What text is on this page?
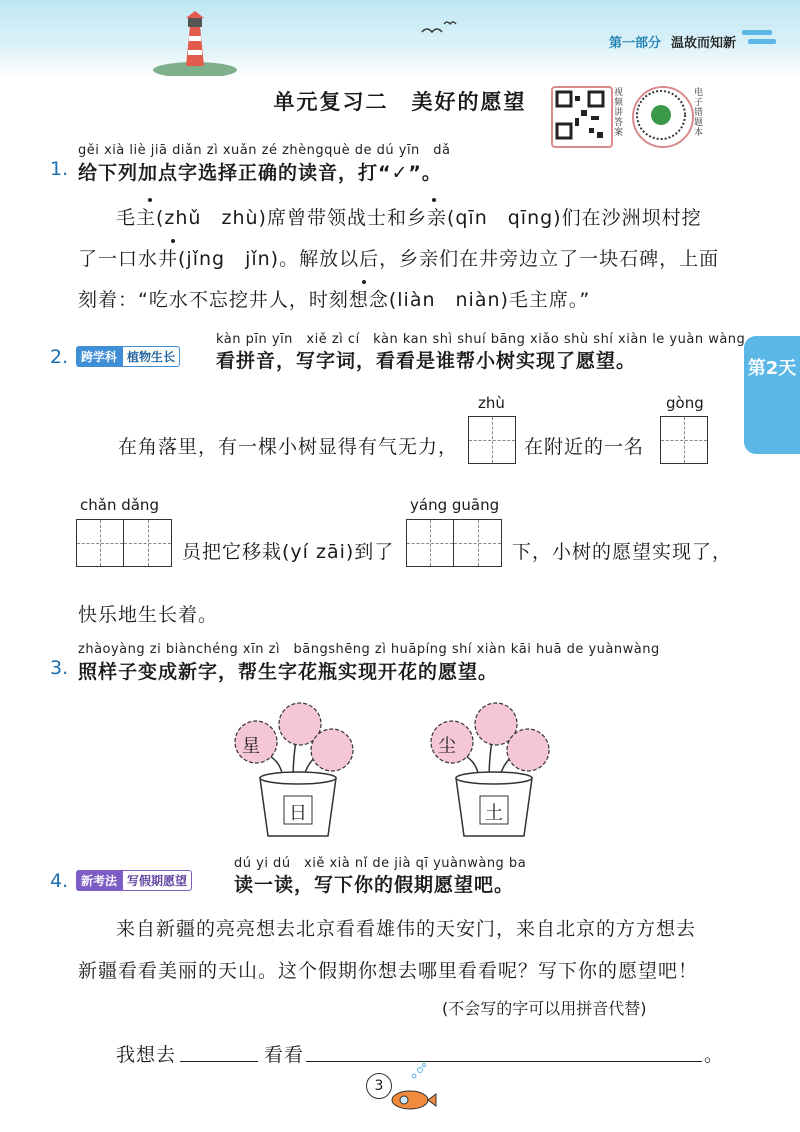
第一部分 温故而知新
单元复习二　美好的愿望	视频讲答案
电子错题本
第2天
gěi xià liè jiā diǎn zì xuǎn zé zhèngquè de dú yīn　dǎ
1. 给下列加点字选择正确的读音，打“✓”。
毛主(zhǔ　zhù)席曾带领战士和乡亲(qīn　qīng)们在沙洲坝村挖
了一口水井(jǐng　jǐn)。解放以后，乡亲们在井旁边立了一块石碑，上面
刻着：“吃水不忘挖井人，时刻想念(liàn　niàn)毛主席。”
kàn pīn yīn　xiě zì cí　kàn kan shì shuí bāng xiǎo shù shí xiàn le yuàn wàng
2.	跨学科 植物生长 看拼音，写字词，看看是谁帮小树实现了愿望。
zhù	gòng
在角落里，有一棵小树显得有气无力，	在附近的一名
chǎn dǎng
员把它移栽(yí zāi)到了
yáng guāng
下，小树的愿望实现了，
快乐地生长着。
zhàoyàng zi biànchéng xīn zì　bāngshēng zì huāpíng shí xiàn kāi huā de yuànwàng
3. 照样子变成新字，帮生字花瓶实现开花的愿望。
星
日
尘
土
dú yi dú　xiě xià nǐ de jià qī yuànwàng ba
4.	新考法 写假期愿望 读一读，写下你的假期愿望吧。
来自新疆的亮亮想去北京看看雄伟的天安门，来自北京的方方想去
新疆看看美丽的天山。这个假期你想去哪里看看呢？写下你的愿望吧！
(不会写的字可以用拼音代替)
我想去	看看	。
3
